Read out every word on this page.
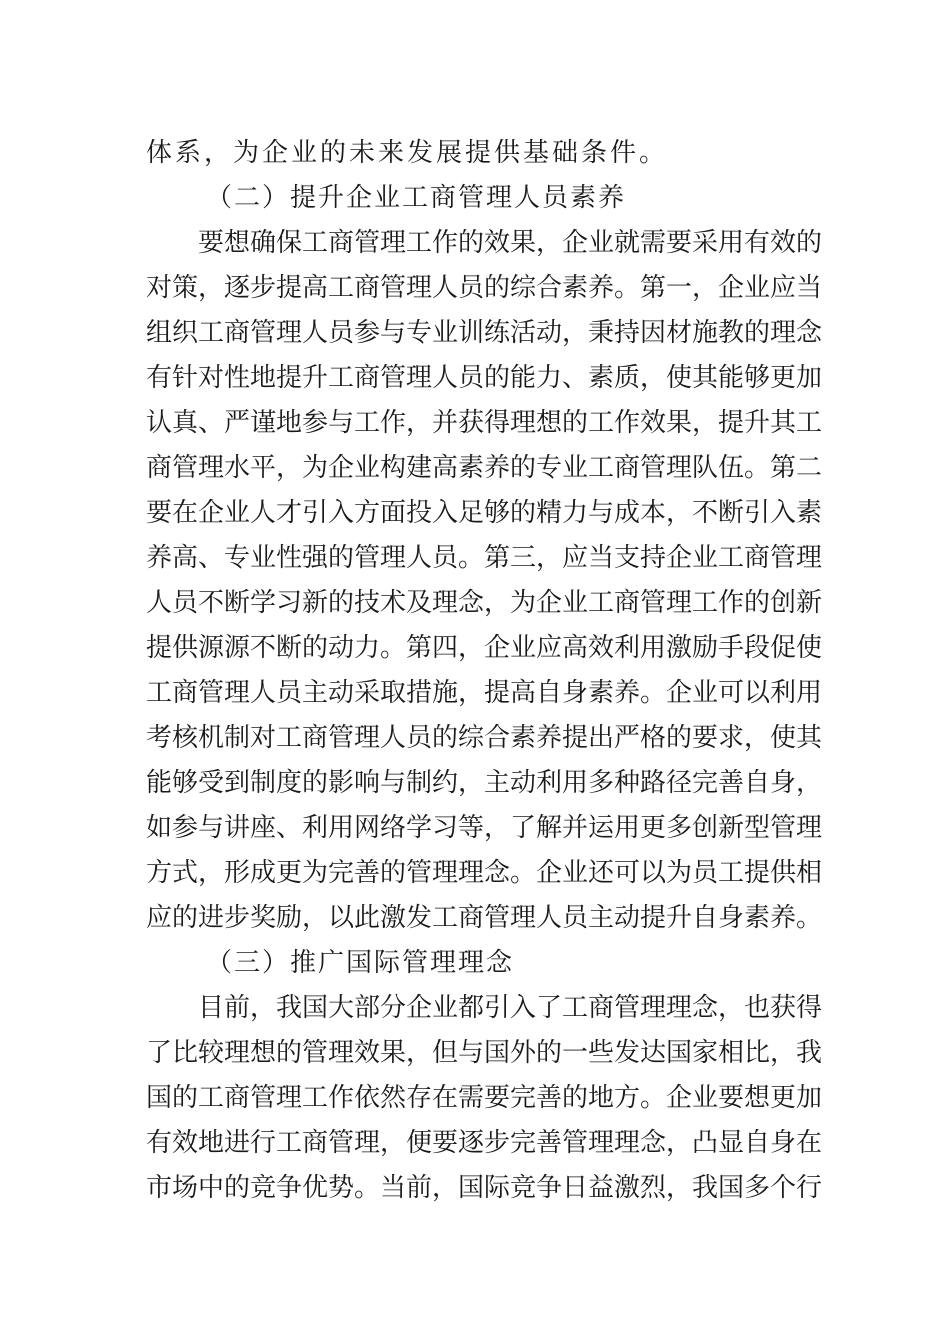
体系，为企业的未来发展提供基础条件。
（二）提升企业工商管理人员素养
要想确保工商管理工作的效果，企业就需要采用有效的
对策，逐步提高工商管理人员的综合素养。第一，企业应当
组织工商管理人员参与专业训练活动，秉持因材施教的理念
有针对性地提升工商管理人员的能力、素质，使其能够更加
认真、严谨地参与工作，并获得理想的工作效果，提升其工
商管理水平，为企业构建高素养的专业工商管理队伍。第二
要在企业人才引入方面投入足够的精力与成本，不断引入素
养高、专业性强的管理人员。第三，应当支持企业工商管理
人员不断学习新的技术及理念，为企业工商管理工作的创新
提供源源不断的动力。第四，企业应高效利用激励手段促使
工商管理人员主动采取措施，提高自身素养。企业可以利用
考核机制对工商管理人员的综合素养提出严格的要求，使其
能够受到制度的影响与制约，主动利用多种路径完善自身，
如参与讲座、利用网络学习等，了解并运用更多创新型管理
方式，形成更为完善的管理理念。企业还可以为员工提供相
应的进步奖励，以此激发工商管理人员主动提升自身素养。
（三）推广国际管理理念
目前，我国大部分企业都引入了工商管理理念，也获得
了比较理想的管理效果，但与国外的一些发达国家相比，我
国的工商管理工作依然存在需要完善的地方。企业要想更加
有效地进行工商管理，便要逐步完善管理理念，凸显自身在
市场中的竞争优势。当前，国际竞争日益激烈，我国多个行
